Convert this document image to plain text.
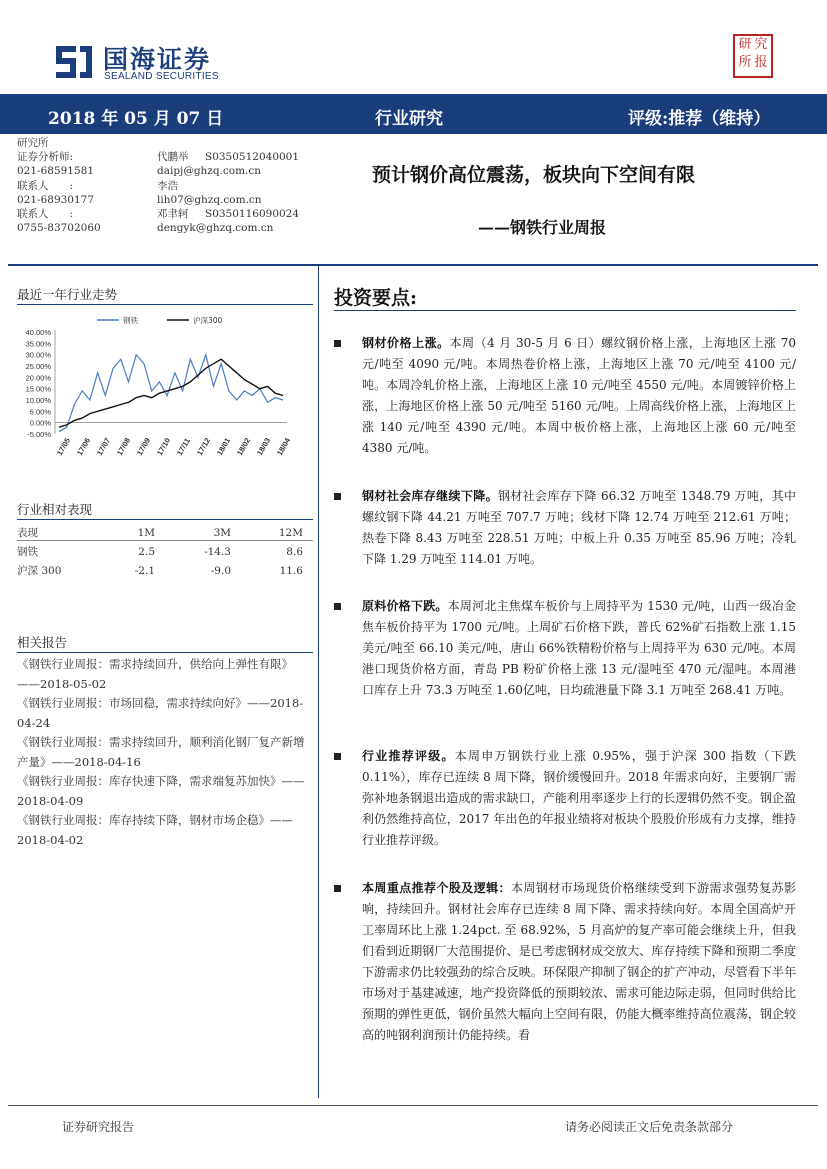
国海证券
SEALAND SECURITIES
研 究
所 报
2018 年 05 月 07 日	行业研究	评级:推荐（维持）
研究所
证券分析师:	代鹏举 S0350512040001
021-68591581	daipj@ghzq.com.cn
联系人　　:	李浩
021-68930177	lih07@ghzq.com.cn
联系人　　:	邓聿轲 S0350116090024
0755-83702060	dengyk@ghzq.com.cn
预计钢价高位震荡，板块向下空间有限
——钢铁行业周报
最近一年行业走势
40.00%
35.00%
30.00%
25.00%
20.00%
15.00%
10.00%
5.00%
0.00%
-5.00%
17/05 17/06 17/07 17/08 17/09 17/10 17/11 17/12 18/01 18/02 18/03 18/04
钢铁	沪深300
行业相对表现
表现	1M	3M	12M
钢铁	2.5	-14.3	8.6
沪深 300	-2.1	-9.0	11.6
相关报告

《钢铁行业周报：需求持续回升，供给向上弹性有限》——2018-05-02

《钢铁行业周报：市场回稳，需求持续向好》——2018-04-24

《钢铁行业周报：需求持续回升，顺利消化钢厂复产新增产量》——2018-04-16

《钢铁行业周报：库存快速下降，需求端复苏加快》——2018-04-09

《钢铁行业周报：库存持续下降，钢材市场企稳》——2018-04-02

投资要点:

钢材价格上涨。本周（4 月 30-5 月 6 日）螺纹钢价格上涨，上海地区上涨 70 元/吨至 4090 元/吨。本周热卷价格上涨，上海地区上涨 70 元/吨至 4100 元/吨。本周冷轧价格上涨，上海地区上涨 10 元/吨至 4550 元/吨。本周镀锌价格上涨，上海地区价格上涨 50 元/吨至 5160 元/吨。上周高线价格上涨，上海地区上涨 140 元/吨至 4390 元/吨。本周中板价格上涨，上海地区上涨 60 元/吨至 4380 元/吨。

钢材社会库存继续下降。钢材社会库存下降 66.32 万吨至 1348.79 万吨，其中螺纹钢下降 44.21 万吨至 707.7 万吨；线材下降 12.74 万吨至 212.61 万吨；热卷下降 8.43 万吨至 228.51 万吨；中板上升 0.35 万吨至 85.96 万吨；冷轧下降 1.29 万吨至 114.01 万吨。

原料价格下跌。本周河北主焦煤车板价与上周持平为 1530 元/吨，山西一级冶金焦车板价持平为 1700 元/吨。上周矿石价格下跌，普氏 62%矿石指数上涨 1.15 美元/吨至 66.10 美元/吨，唐山 66%铁精粉价格与上周持平为 630 元/吨。本周港口现货价格方面，青岛 PB 粉矿价格上涨 13 元/湿吨至 470 元/湿吨。本周港口库存上升 73.3 万吨至 1.60亿吨，日均疏港量下降 3.1 万吨至 268.41 万吨。

行业推荐评级。本周申万钢铁行业上涨 0.95%，强于沪深 300 指数（下跌 0.11%），库存已连续 8 周下降，钢价缓慢回升。2018 年需求向好，主要钢厂需弥补地条钢退出造成的需求缺口，产能利用率逐步上行的长逻辑仍然不变。钢企盈利仍然维持高位，2017 年出色的年报业绩将对板块个股股价形成有力支撑，维持行业推荐评级。

本周重点推荐个股及逻辑：本周钢材市场现货价格继续受到下游需求强势复苏影响，持续回升。钢材社会库存已连续 8 周下降、需求持续向好。本周全国高炉开工率周环比上涨 1.24pct. 至 68.92%，5 月高炉的复产率可能会继续上升，但我们看到近期钢厂大范围提价、是已考虑钢材成交放大、库存持续下降和预期二季度下游需求仍比较强劲的综合反映。环保限产抑制了钢企的扩产冲动，尽管看下半年市场对于基建减速，地产投资降低的预期较浓、需求可能边际走弱，但同时供给比预期的弹性更低，钢价虽然大幅向上空间有限，仍能大概率维持高位震荡，钢企较高的吨钢利润预计仍能持续。看

证券研究报告	请务必阅读正文后免责条款部分
